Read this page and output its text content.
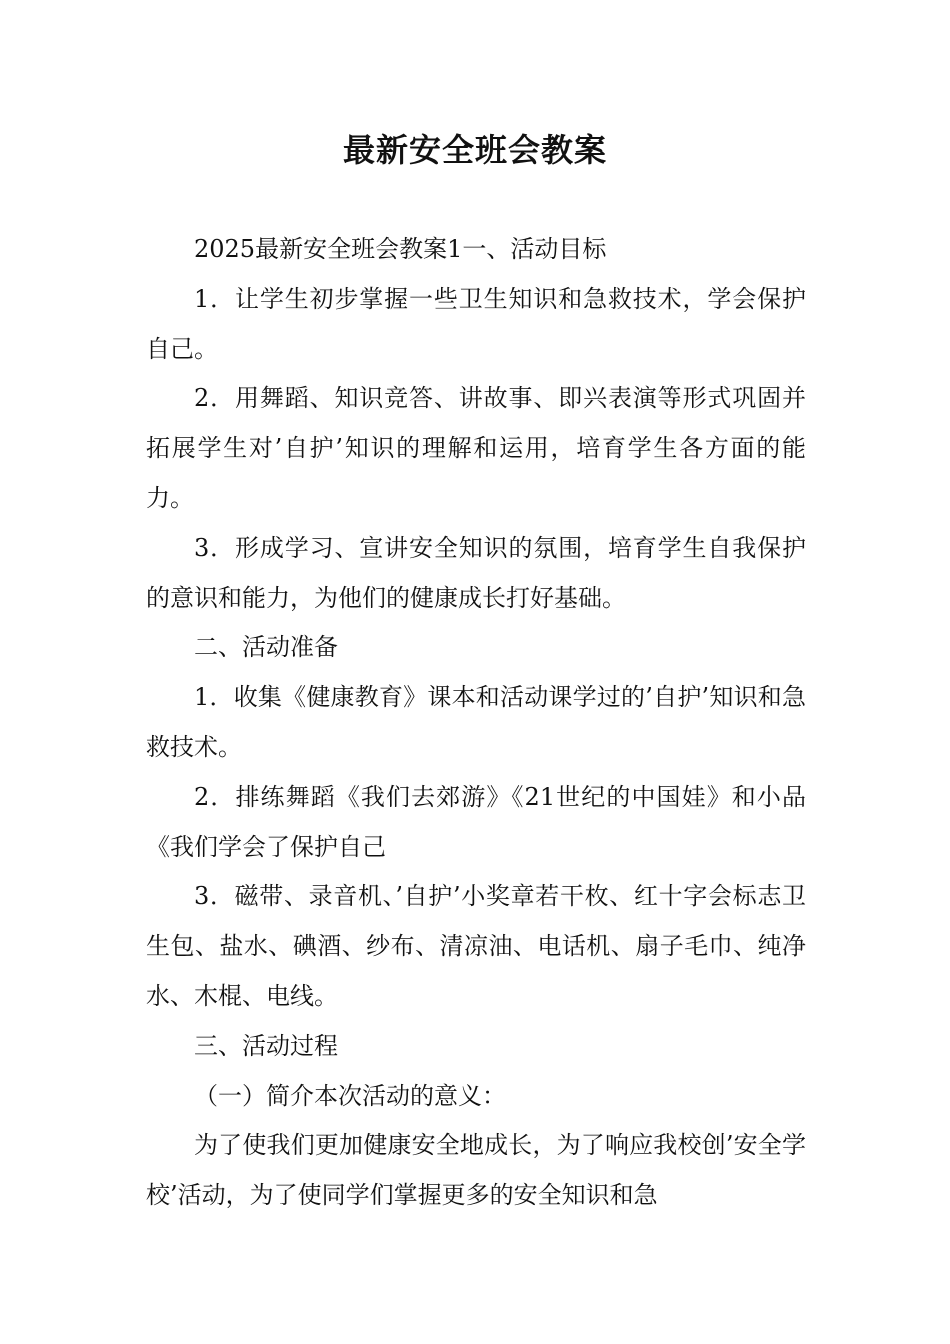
最新安全班会教案

2025最新安全班会教案1一、活动目标

1．让学生初步掌握一些卫生知识和急救技术，学会保护自己。

2．用舞蹈、知识竞答、讲故事、即兴表演等形式巩固并拓展学生对’自护’知识的理解和运用，培育学生各方面的能力。

3．形成学习、宣讲安全知识的氛围，培育学生自我保护的意识和能力，为他们的健康成长打好基础。

二、活动准备

1．收集《健康教育》课本和活动课学过的’自护’知识和急救技术。

2．排练舞蹈《我们去郊游》《21世纪的中国娃》和小品《我们学会了保护自己

3．磁带、录音机、’自护’小奖章若干枚、红十字会标志卫生包、盐水、碘酒、纱布、清凉油、电话机、扇子毛巾、纯净水、木棍、电线。

三、活动过程

（一）简介本次活动的意义：

为了使我们更加健康安全地成长，为了响应我校创’安全学校’活动，为了使同学们掌握更多的安全知识和急
